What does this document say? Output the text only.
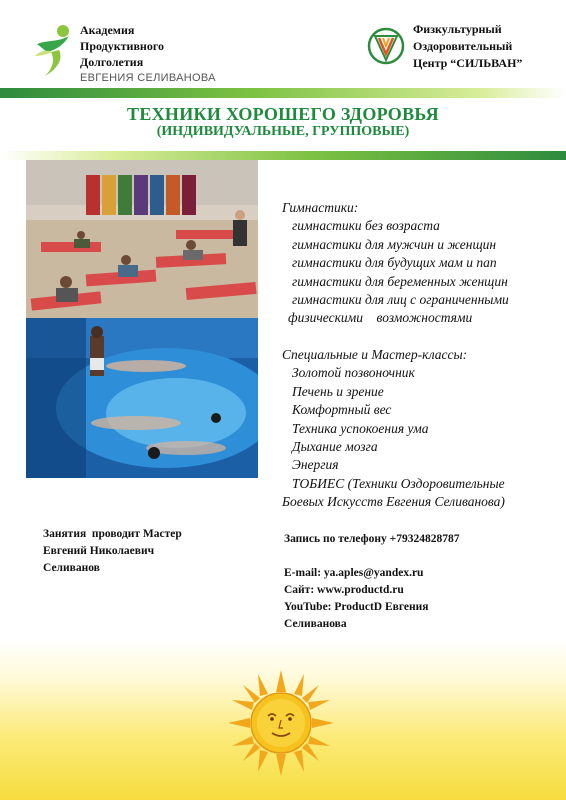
Академия
Продуктивного
Долголетия
ЕВГЕНИЯ СЕЛИВАНОВА
Физкультурный
Оздоровительный
Центр “СИЛЬВАН”
ТЕХНИКИ ХОРОШЕГО ЗДОРОВЬЯ
(ИНДИВИДУАЛЬНЫЕ, ГРУППОВЫЕ)
Гимнастики:
гимнастики без возраста
гимнастики для мужчин и женщин
гимнастики для будущих мам и пап
гимнастики для беременных женщин
гимнастики для лиц с ограниченными
физическими    возможностями
Специальные и Мастер-классы:
Золотой позвоночник
Печень и зрение
Комфортный вес
Техника успокоения ума
Дыхание мозга
Энергия
ТОБИЕС (Техники Оздоровительные
Боевых Искусств Евгения Селиванова)
Занятия  проводит Мастер
Евгений Николаевич
Селиванов
Запись по телефону +79324828787
E-mail: ya.aples@yandex.ru
Сайт: www.productd.ru
YouTube: ProductD Евгения
Селиванова
